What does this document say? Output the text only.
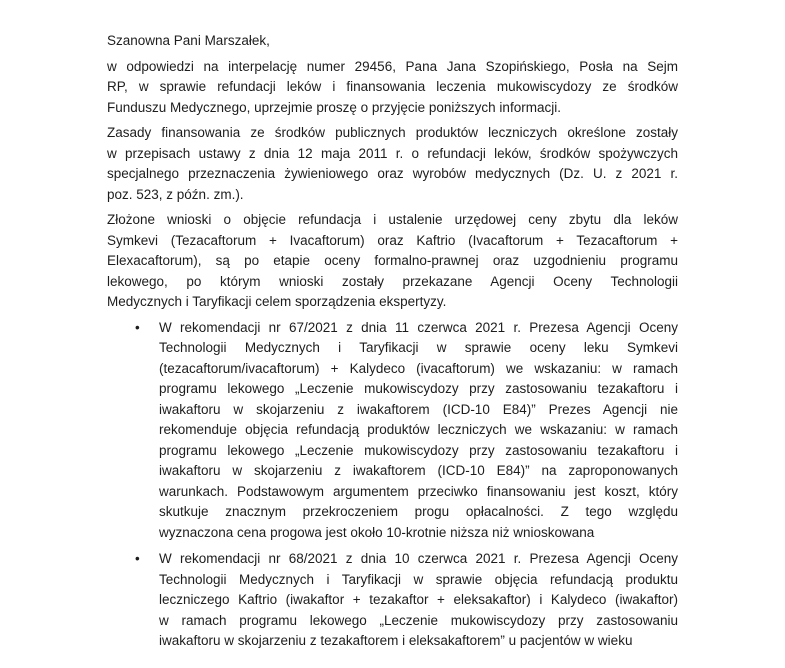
Szanowna Pani Marszałek,
w odpowiedzi na interpelację numer 29456, Pana Jana Szopińskiego, Posła na Sejm
RP, w sprawie refundacji leków i finansowania leczenia mukowiscydozy ze środków
Funduszu Medycznego, uprzejmie proszę o przyjęcie poniższych informacji.
Zasady finansowania ze środków publicznych produktów leczniczych określone zostały
w przepisach ustawy z dnia 12 maja 2011 r. o refundacji leków, środków spożywczych
specjalnego przeznaczenia żywieniowego oraz wyrobów medycznych (Dz. U. z 2021 r.
poz. 523, z późn. zm.).
Złożone wnioski o objęcie refundacja i ustalenie urzędowej ceny zbytu dla leków
Symkevi (Tezacaftorum + Ivacaftorum) oraz Kaftrio (Ivacaftorum + Tezacaftorum +
Elexacaftorum), są po etapie oceny formalno-prawnej oraz uzgodnieniu programu
lekowego, po którym wnioski zostały przekazane Agencji Oceny Technologii
Medycznych i Taryfikacji celem sporządzenia ekspertyzy.
•	W rekomendacji nr 67/2021 z dnia 11 czerwca 2021 r. Prezesa Agencji Oceny
Technologii Medycznych i Taryfikacji w sprawie oceny leku Symkevi
(tezacaftorum/ivacaftorum) + Kalydeco (ivacaftorum) we wskazaniu: w ramach
programu lekowego „Leczenie mukowiscydozy przy zastosowaniu tezakaftoru i
iwakaftoru w skojarzeniu z iwakaftorem (ICD-10 E84)” Prezes Agencji nie
rekomenduje objęcia refundacją produktów leczniczych we wskazaniu: w ramach
programu lekowego „Leczenie mukowiscydozy przy zastosowaniu tezakaftoru i
iwakaftoru w skojarzeniu z iwakaftorem (ICD-10 E84)” na zaproponowanych
warunkach. Podstawowym argumentem przeciwko finansowaniu jest koszt, który
skutkuje znacznym przekroczeniem progu opłacalności. Z tego względu
wyznaczona cena progowa jest około 10-krotnie niższa niż wnioskowana
•	W rekomendacji nr 68/2021 z dnia 10 czerwca 2021 r. Prezesa Agencji Oceny
Technologii Medycznych i Taryfikacji w sprawie objęcia refundacją produktu
leczniczego Kaftrio (iwakaftor + tezakaftor + eleksakaftor) i Kalydeco (iwakaftor)
w ramach programu lekowego „Leczenie mukowiscydozy przy zastosowaniu
iwakaftoru w skojarzeniu z tezakaftorem i eleksakaftorem” u pacjentów w wieku
